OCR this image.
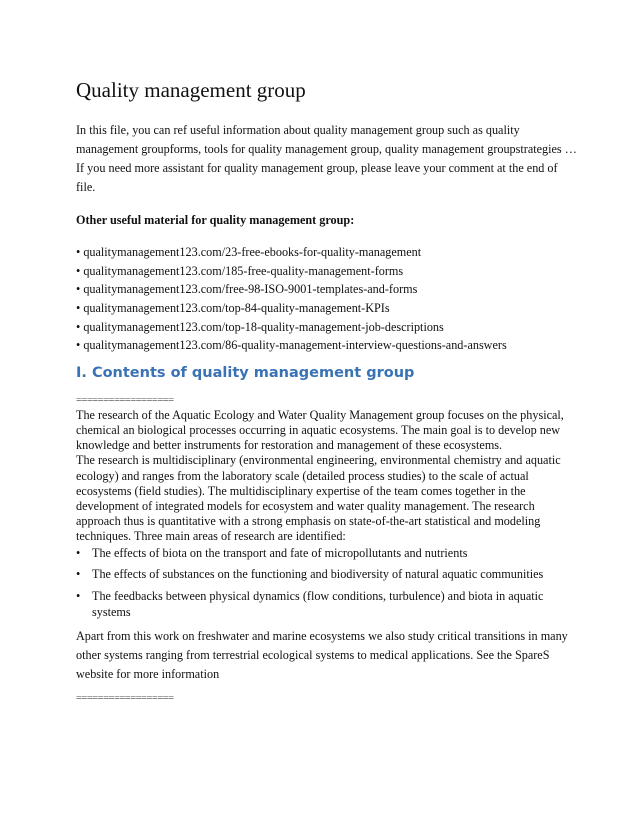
Quality management group

In this file, you can ref useful information about quality management group such as quality management groupforms, tools for quality management group, quality management groupstrategies … If you need more assistant for quality management group, please leave your comment at the end of file.

Other useful material for quality management group:

• qualitymanagement123.com/23-free-ebooks-for-quality-management
• qualitymanagement123.com/185-free-quality-management-forms
• qualitymanagement123.com/free-98-ISO-9001-templates-and-forms
• qualitymanagement123.com/top-84-quality-management-KPIs
• qualitymanagement123.com/top-18-quality-management-job-descriptions
• qualitymanagement123.com/86-quality-management-interview-questions-and-answers
I. Contents of quality management group

==================

The research of the Aquatic Ecology and Water Quality Management group focuses on the physical, chemical an biological processes occurring in aquatic ecosystems. The main goal is to develop new knowledge and better instruments for restoration and management of these ecosystems.

The research is multidisciplinary (environmental engineering, environmental chemistry and aquatic ecology) and ranges from the laboratory scale (detailed process studies) to the scale of actual ecosystems (field studies). The multidisciplinary expertise of the team comes together in the development of integrated models for ecosystem and water quality management. The research approach thus is quantitative with a strong emphasis on state-of-the-art statistical and modeling techniques. Three main areas of research are identified:

• The effects of biota on the transport and fate of micropollutants and nutrients
• The effects of substances on the functioning and biodiversity of natural aquatic communities
• The feedbacks between physical dynamics (flow conditions, turbulence) and biota in aquatic systems

Apart from this work on freshwater and marine ecosystems we also study critical transitions in many other systems ranging from terrestrial ecological systems to medical applications. See the SpareS website for more information

==================
